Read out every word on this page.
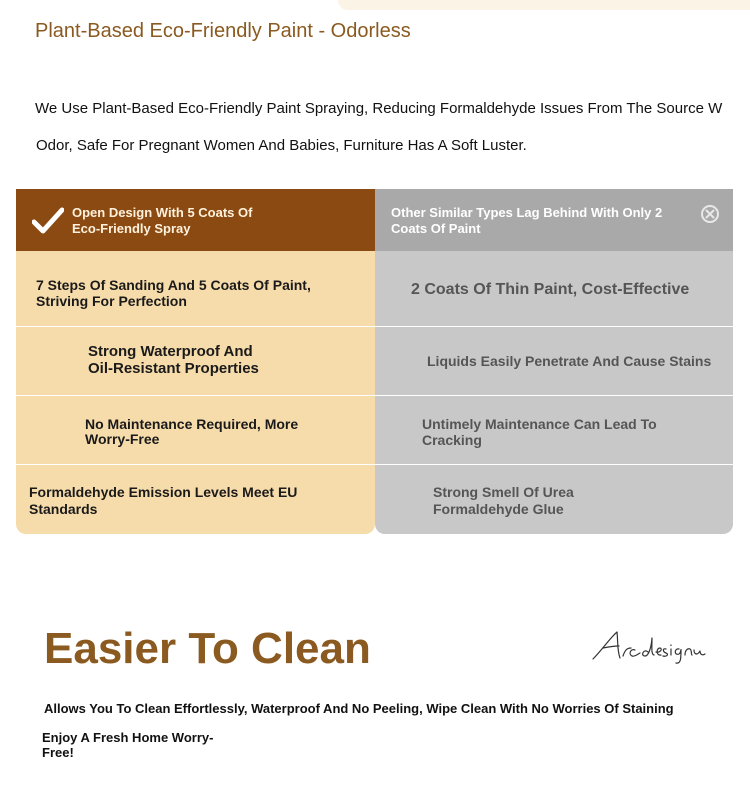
Plant-Based Eco-Friendly Paint - Odorless
We Use Plant-Based Eco-Friendly Paint Spraying, Reducing Formaldehyde Issues From The Source W
Odor, Safe For Pregnant Women And Babies, Furniture Has A Soft Luster.
Open Design With 5 Coats Of Eco-Friendly Spray
7 Steps Of Sanding And 5 Coats Of Paint, Striving For Perfection
Strong Waterproof And Oil-Resistant Properties
No Maintenance Required, More Worry-Free
Formaldehyde Emission Levels Meet EU Standards
Other Similar Types Lag Behind With Only 2 Coats Of Paint
2 Coats Of Thin Paint, Cost-Effective
Liquids Easily Penetrate And Cause Stains
Untimely Maintenance Can Lead To Cracking
Strong Smell Of Urea Formaldehyde Glue
Easier To Clean
Allows You To Clean Effortlessly, Waterproof And No Peeling, Wipe Clean With No Worries Of Staining
Enjoy A Fresh Home Worry-Free!
